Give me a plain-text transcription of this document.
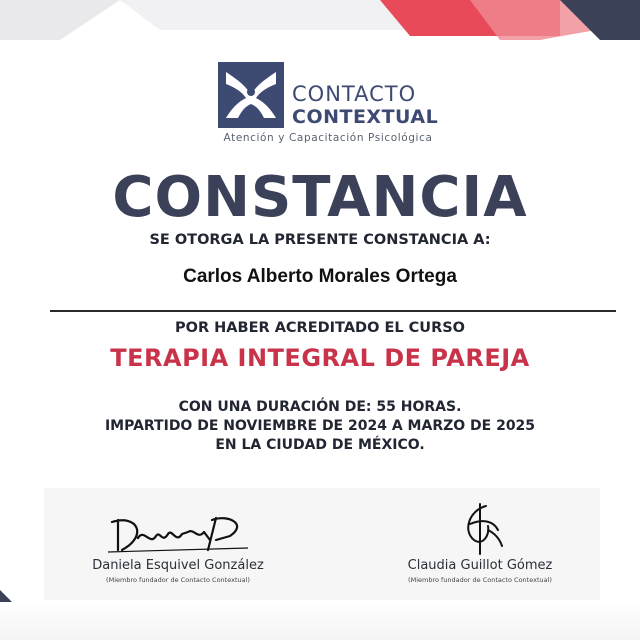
CONTACTO
CONTEXTUAL
Atención y Capacitación Psicológica
CONSTANCIA
SE OTORGA LA PRESENTE CONSTANCIA A:
Carlos Alberto Morales Ortega
POR HABER ACREDITADO EL CURSO
TERAPIA INTEGRAL DE PAREJA
CON UNA DURACIÓN DE: 55 HORAS.
IMPARTIDO DE NOVIEMBRE DE 2024 A MARZO DE 2025
EN LA CIUDAD DE MÉXICO.
Daniela Esquivel González
(Miembro fundador de Contacto Contextual)
Claudia Guillot Gómez
(Miembro fundador de Contacto Contextual)
